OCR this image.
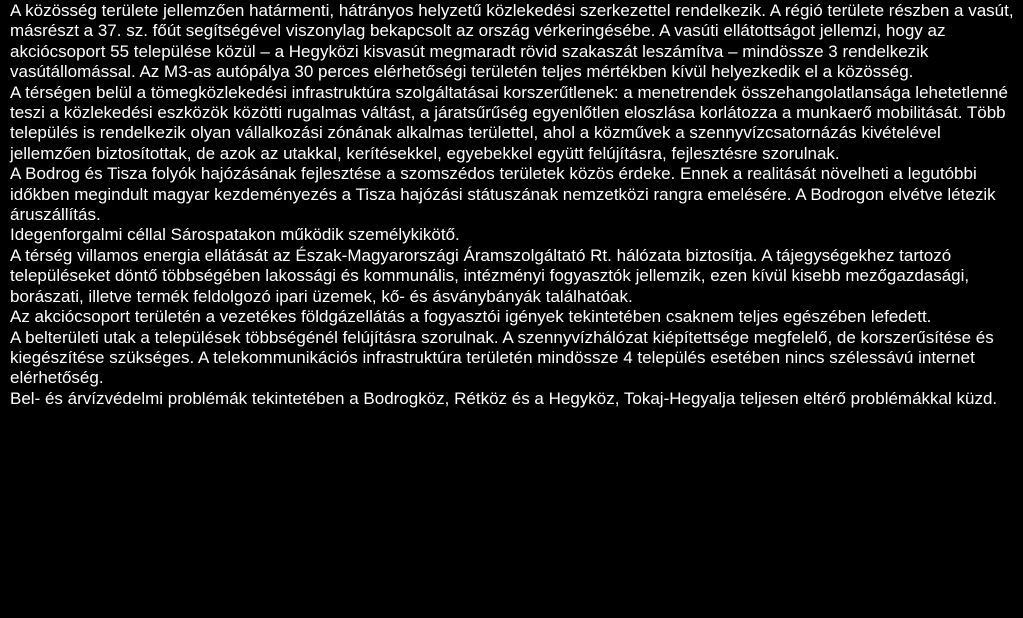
A közösség területe jellemzően határmenti, hátrányos helyzetű közlekedési szerkezettel rendelkezik. A régió területe részben a vasút, másrészt a 37. sz. főút segítségével viszonylag bekapcsolt az ország vérkeringésébe. A vasúti ellátottságot jellemzi, hogy az akciócsoport 55 települése közül – a Hegyközi kisvasút megmaradt rövid szakaszát leszámítva – mindössze 3 rendelkezik vasútállomással. Az M3-as autópálya 30 perces elérhetőségi területén teljes mértékben kívül helyezkedik el a közösség.

A térségen belül a tömegközlekedési infrastruktúra szolgáltatásai korszerűtlenek: a menetrendek összehangolatlansága lehetetlenné teszi a közlekedési eszközök közötti rugalmas váltást, a járatsűrűség egyenlőtlen eloszlása korlátozza a munkaerő mobilitását. Több település is rendelkezik olyan vállalkozási zónának alkalmas területtel, ahol a közművek a szennyvízcsatornázás kivételével jellemzően biztosítottak, de azok az utakkal, kerítésekkel, egyebekkel együtt felújításra, fejlesztésre szorulnak.

A Bodrog és Tisza folyók hajózásának fejlesztése a szomszédos területek közös érdeke. Ennek a realitását növelheti a legutóbbi időkben megindult magyar kezdeményezés a Tisza hajózási státuszának nemzetközi rangra emelésére. A Bodrogon elvétve létezik áruszállítás.

Idegenforgalmi céllal Sárospatakon működik személykikötő.

A térség villamos energia ellátását az Észak-Magyarországi Áramszolgáltató Rt. hálózata biztosítja. A tájegységekhez tartozó településeket döntő többségében lakossági és kommunális, intézményi fogyasztók jellemzik, ezen kívül kisebb mezőgazdasági, borászati, illetve termék feldolgozó ipari üzemek, kő- és ásványbányák találhatóak.

Az akciócsoport területén a vezetékes földgázellátás a fogyasztói igények tekintetében csaknem teljes egészében lefedett.

A belterületi utak a települések többségénél felújításra szorulnak. A szennyvízhálózat kiépítettsége megfelelő, de korszerűsítése és kiegészítése szükséges. A telekommunikációs infrastruktúra területén mindössze 4 település esetében nincs szélessávú internet elérhetőség.

Bel- és árvízvédelmi problémák tekintetében a Bodrogköz, Rétköz és a Hegyköz, Tokaj-Hegyalja teljesen eltérő problémákkal küzd.
